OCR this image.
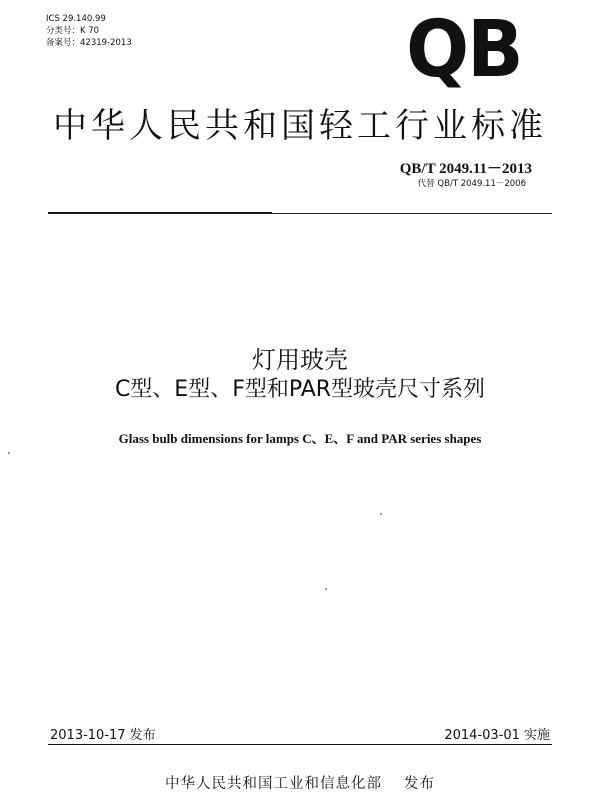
ICS 29.140.99
分类号：K 70
备案号：42319-2013	QB
中华人民共和国轻工行业标准
QB/T 2049.11－2013
代替 QB/T 2049.11－2006
灯用玻壳
C型、E型、F型和PAR型玻壳尺寸系列
Glass bulb dimensions for lamps C、E、F and PAR series shapes
2013-10-17 发布	2014-03-01 实施
中华人民共和国工业和信息化部 发布
